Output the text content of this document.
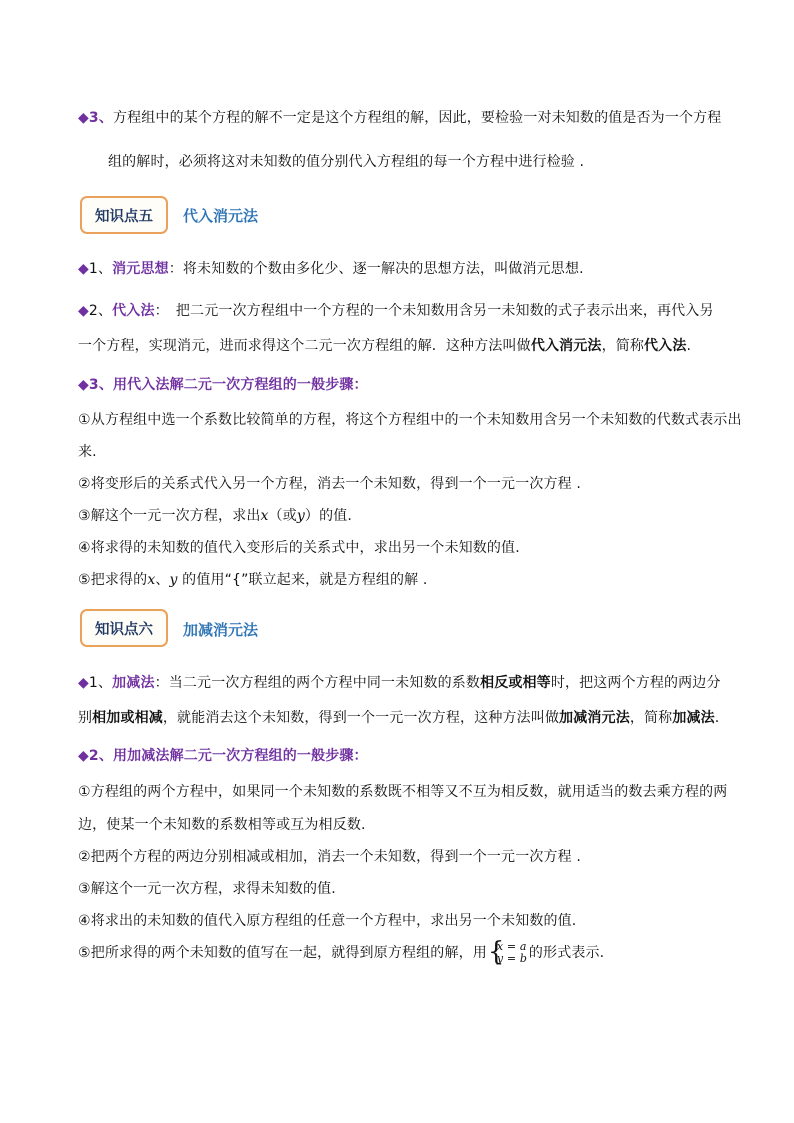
◆3、方程组中的某个方程的解不一定是这个方程组的解，因此，要检验一对未知数的值是否为一个方程
组的解时，必须将这对未知数的值分别代入方程组的每一个方程中进行检验 .
知识点五	代入消元法
◆1、消元思想：将未知数的个数由多化少、逐一解决的思想方法，叫做消元思想.
◆2、代入法：　把二元一次方程组中一个方程的一个未知数用含另一未知数的式子表示出来，再代入另
一个方程，实现消元，进而求得这个二元一次方程组的解．这种方法叫做代入消元法，简称代入法.
◆3、用代入法解二元一次方程组的一般步骤：
①从方程组中选一个系数比较简单的方程，将这个方程组中的一个未知数用含另一个未知数的代数式表示出
来.
②将变形后的关系式代入另一个方程，消去一个未知数，得到一个一元一次方程 .
③解这个一元一次方程，求出x（或y）的值.
④将求得的未知数的值代入变形后的关系式中，求出另一个未知数的值.
⑤把求得的x、y 的值用“{”联立起来，就是方程组的解 .
知识点六	加减消元法
◆1、加减法：当二元一次方程组的两个方程中同一未知数的系数相反或相等时，把这两个方程的两边分
别相加或相减，就能消去这个未知数，得到一个一元一次方程，这种方法叫做加减消元法，简称加减法.
◆2、用加减法解二元一次方程组的一般步骤：
①方程组的两个方程中，如果同一个未知数的系数既不相等又不互为相反数，就用适当的数去乘方程的两
边，使某一个未知数的系数相等或互为相反数.
②把两个方程的两边分别相减或相加，消去一个未知数，得到一个一元一次方程 .
③解这个一元一次方程，求得未知数的值.
④将求出的未知数的值代入原方程组的任意一个方程中，求出另一个未知数的值.
⑤把所求得的两个未知数的值写在一起，就得到原方程组的解，用 {
x = a
y = b 的形式表示.
